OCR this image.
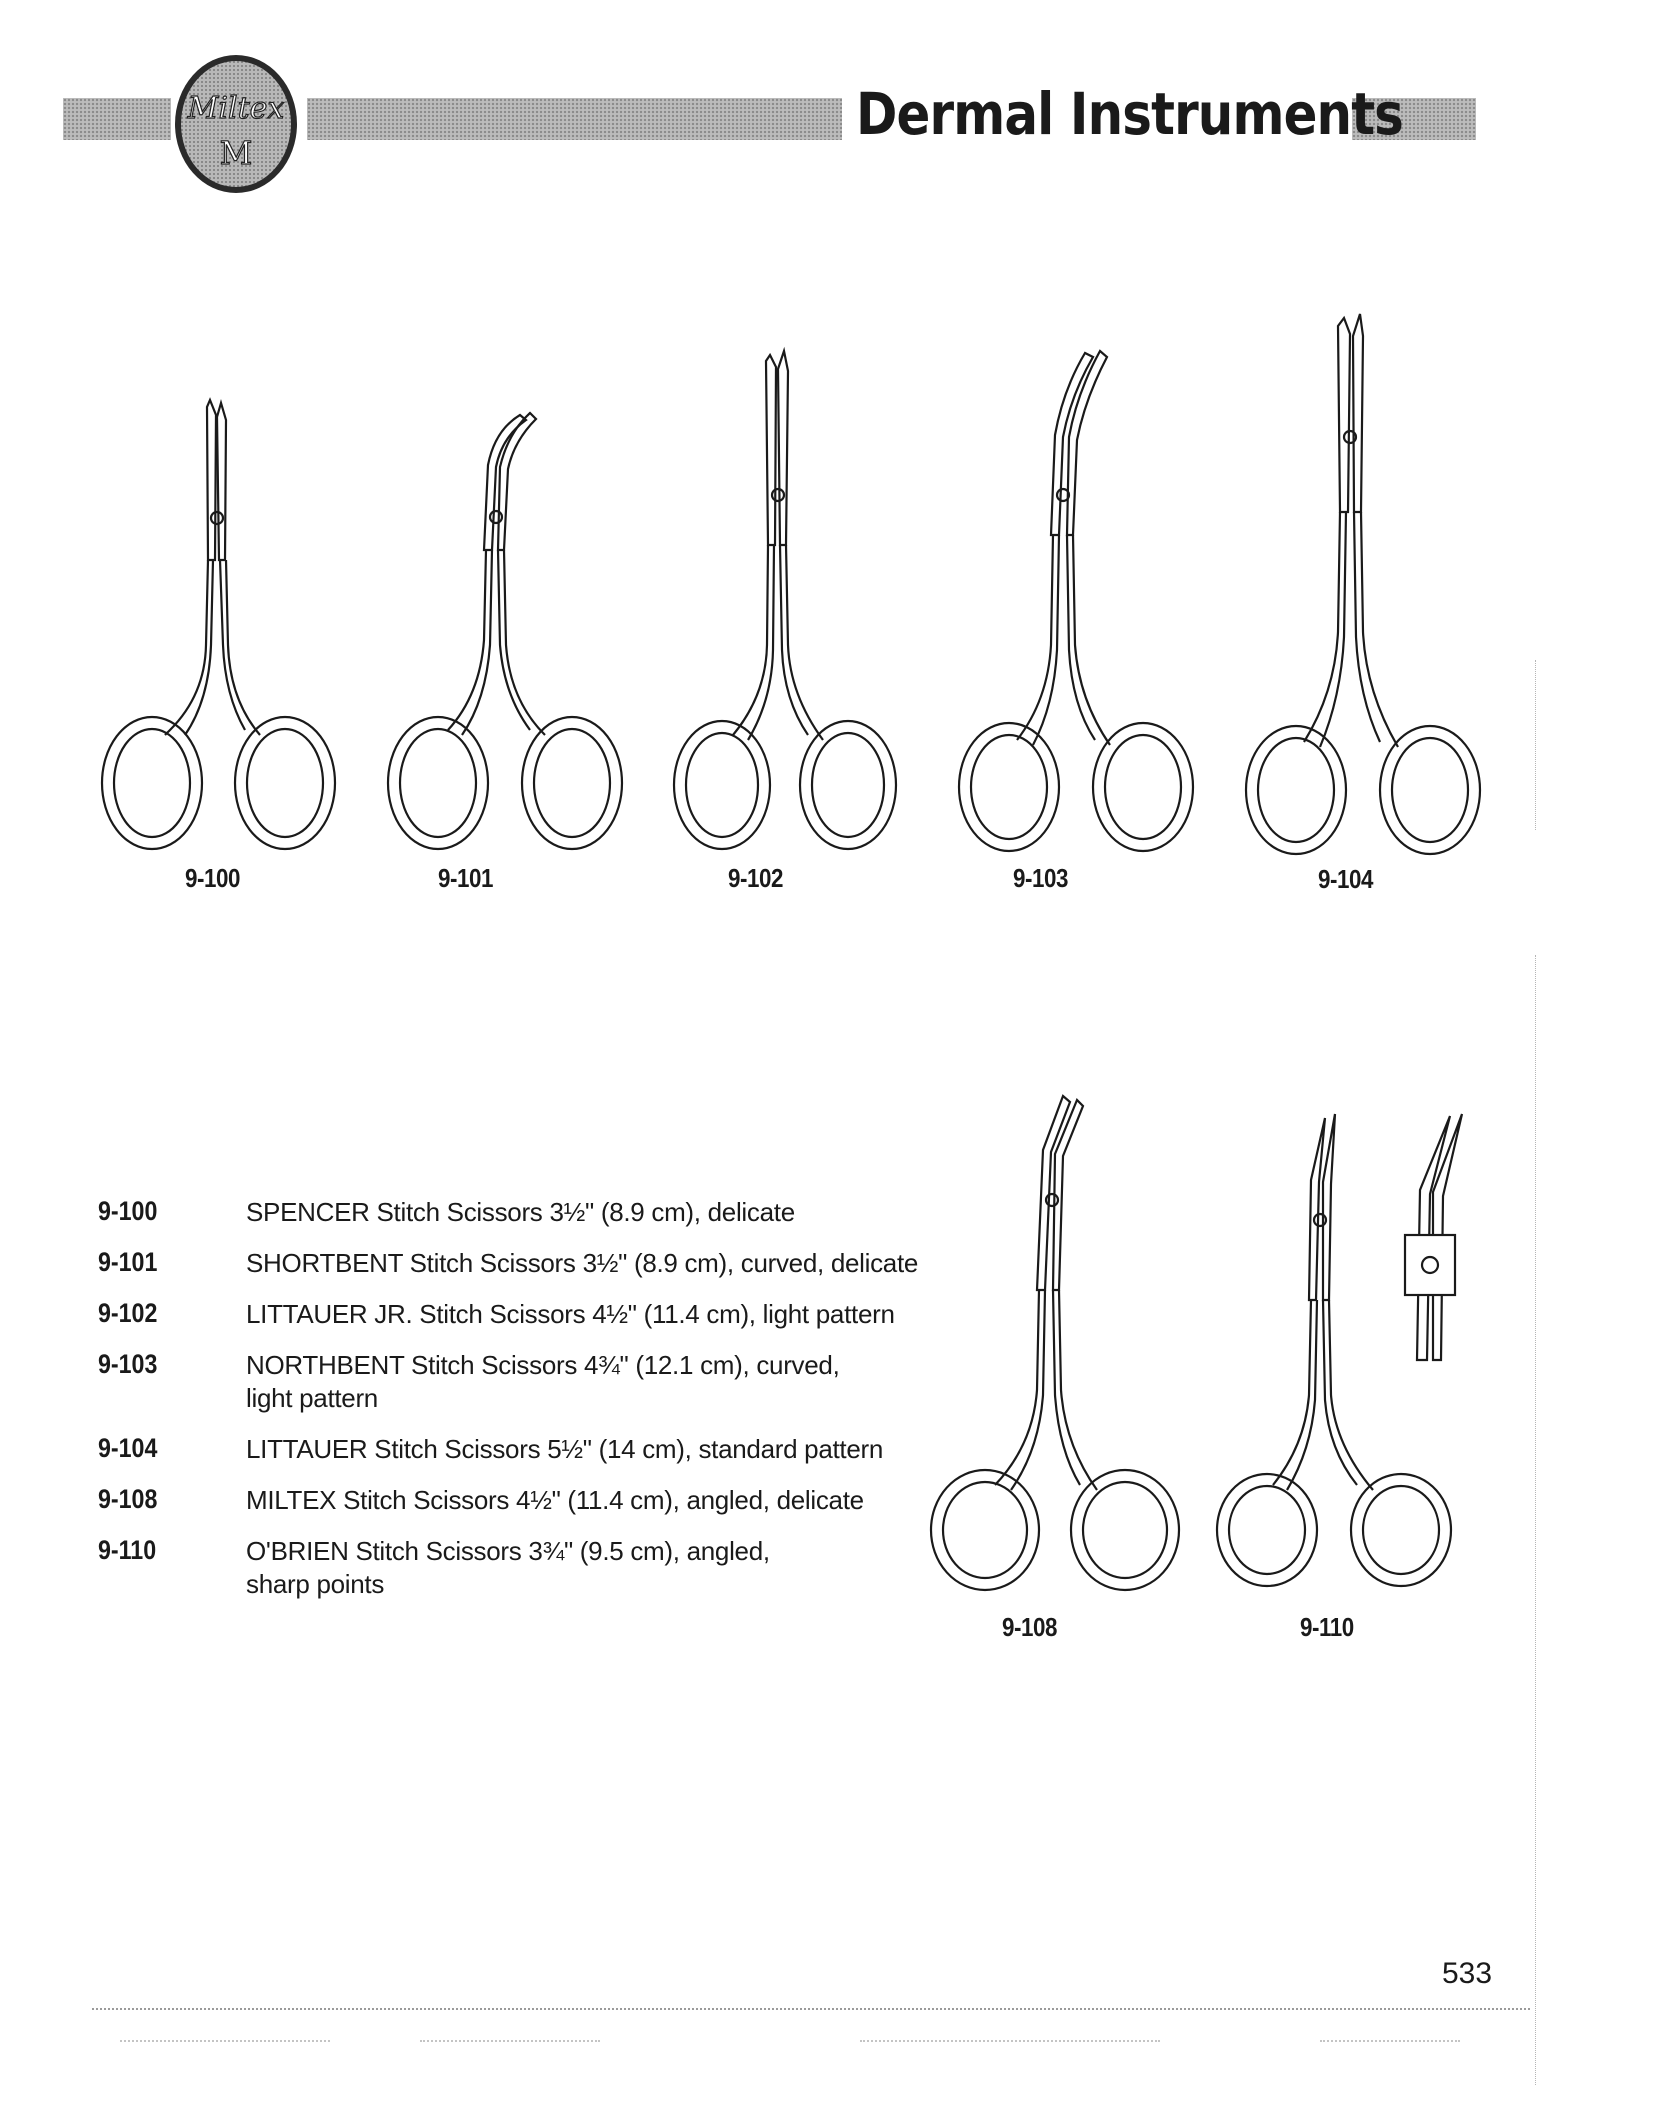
Miltex
M
Dermal Instruments
9-100	9-101	9-102	9-103	9-104
9-108	9-110
9-100	SPENCER Stitch Scissors 3½" (8.9 cm), delicate
9-101	SHORTBENT Stitch Scissors 3½" (8.9 cm), curved, delicate
9-102	LITTAUER JR. Stitch Scissors 4½" (11.4 cm), light pattern
9-103	NORTHBENT Stitch Scissors 4¾" (12.1 cm), curved,
light pattern
9-104	LITTAUER Stitch Scissors 5½" (14 cm), standard pattern
9-108	MILTEX Stitch Scissors 4½" (11.4 cm), angled, delicate
9-110	O'BRIEN Stitch Scissors 3¾" (9.5 cm), angled,
sharp points
533
